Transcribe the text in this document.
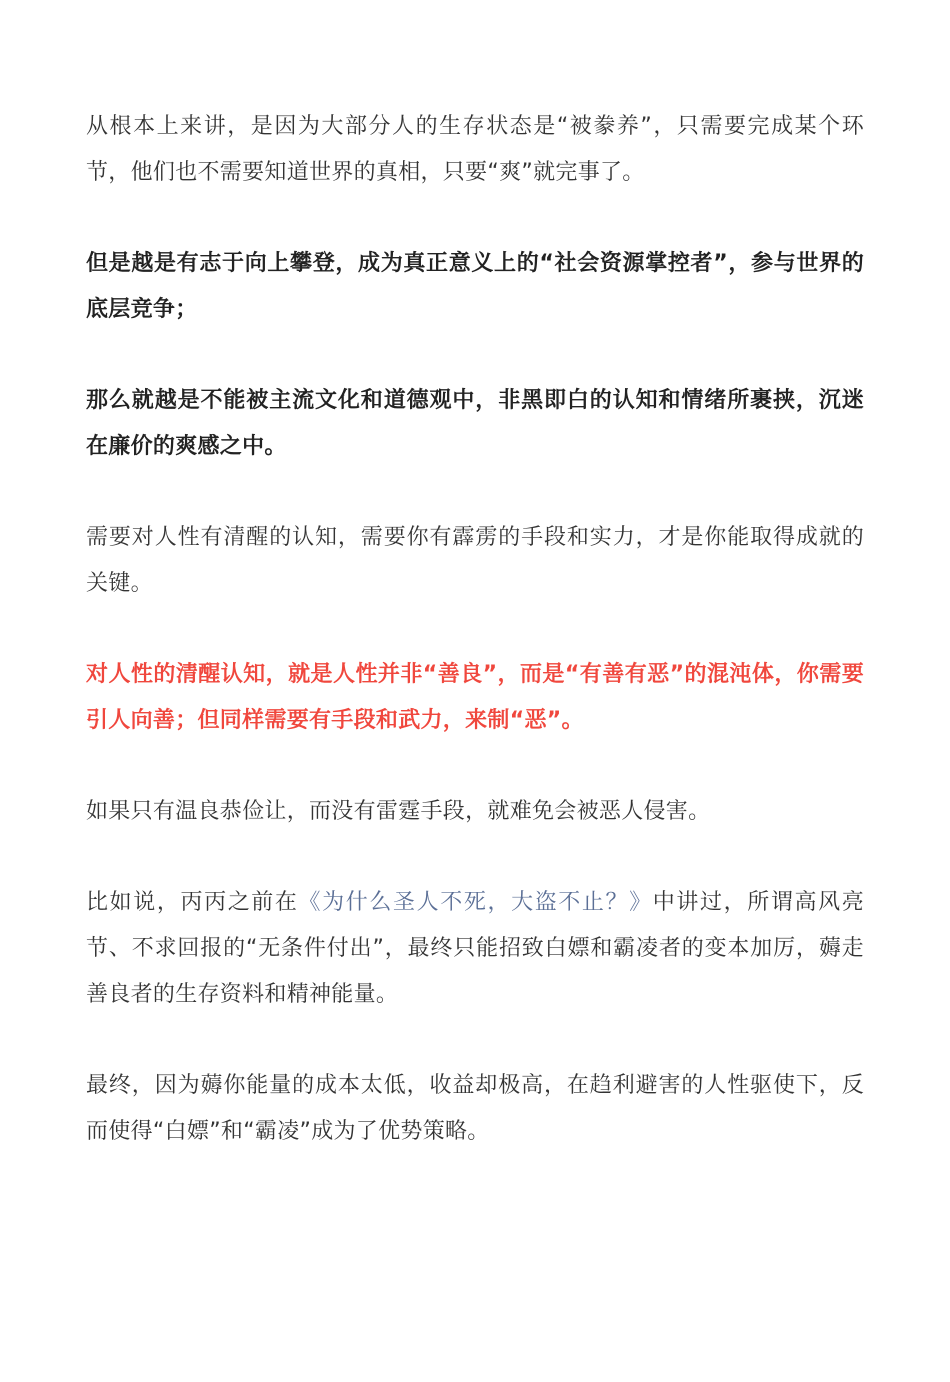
从根本上来讲，是因为大部分人的生存状态是“被豢养”，只需要完成某个环节，他们也不需要知道世界的真相，只要“爽”就完事了。

但是越是有志于向上攀登，成为真正意义上的“社会资源掌控者”，参与世界的底层竞争；

那么就越是不能被主流文化和道德观中，非黑即白的认知和情绪所裹挟，沉迷在廉价的爽感之中。

需要对人性有清醒的认知，需要你有霹雳的手段和实力，才是你能取得成就的关键。

对人性的清醒认知，就是人性并非“善良”，而是“有善有恶”的混沌体，你需要引人向善；但同样需要有手段和武力，来制“恶”。

如果只有温良恭俭让，而没有雷霆手段，就难免会被恶人侵害。

比如说，丙丙之前在《为什么圣人不死，大盗不止？》中讲过，所谓高风亮节、不求回报的“无条件付出”，最终只能招致白嫖和霸凌者的变本加厉，薅走善良者的生存资料和精神能量。

最终，因为薅你能量的成本太低，收益却极高，在趋利避害的人性驱使下，反而使得“白嫖”和“霸凌”成为了优势策略。
